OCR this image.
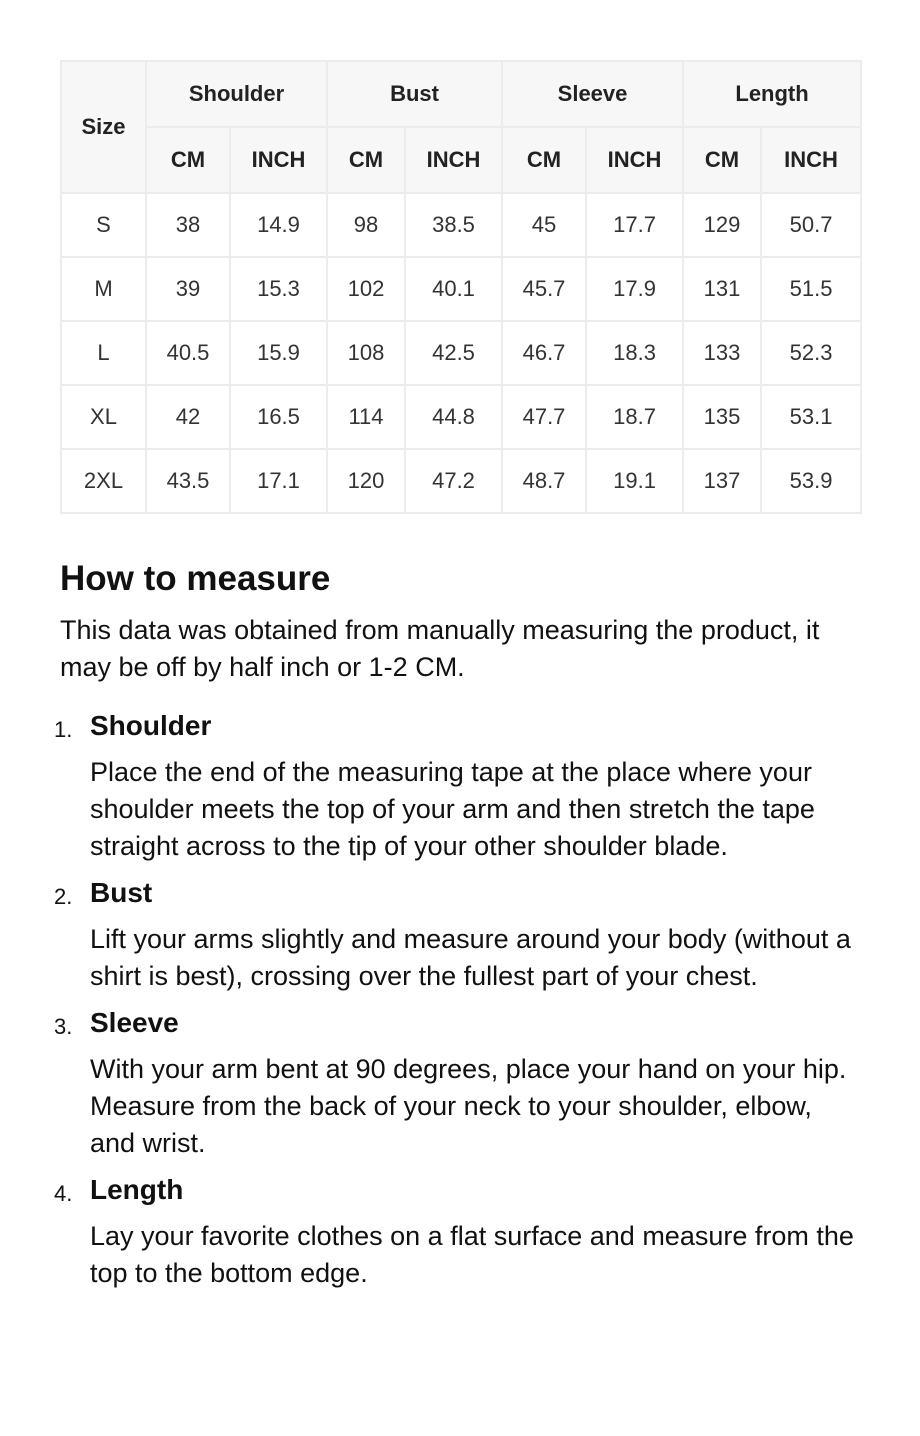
Size	Shoulder		Bust		Sleeve		Length	
	CM	INCH	CM	INCH	CM	INCH	CM	INCH
S	38	14.9	98	38.5	45	17.7	129	50.7
M	39	15.3	102	40.1	45.7	17.9	131	51.5
L	40.5	15.9	108	42.5	46.7	18.3	133	52.3
XL	42	16.5	114	44.8	47.7	18.7	135	53.1
2XL	43.5	17.1	120	47.2	48.7	19.1	137	53.9
How to measure

This data was obtained from manually measuring the product, it may be off by half inch or 1-2 CM.

1. Shoulder

Place the end of the measuring tape at the place where your shoulder meets the top of your arm and then stretch the tape straight across to the tip of your other shoulder blade.

2. Bust

Lift your arms slightly and measure around your body (without a shirt is best), crossing over the fullest part of your chest.

3. Sleeve

With your arm bent at 90 degrees, place your hand on your hip. Measure from the back of your neck to your shoulder, elbow, and wrist.

4. Length

Lay your favorite clothes on a flat surface and measure from the top to the bottom edge.
